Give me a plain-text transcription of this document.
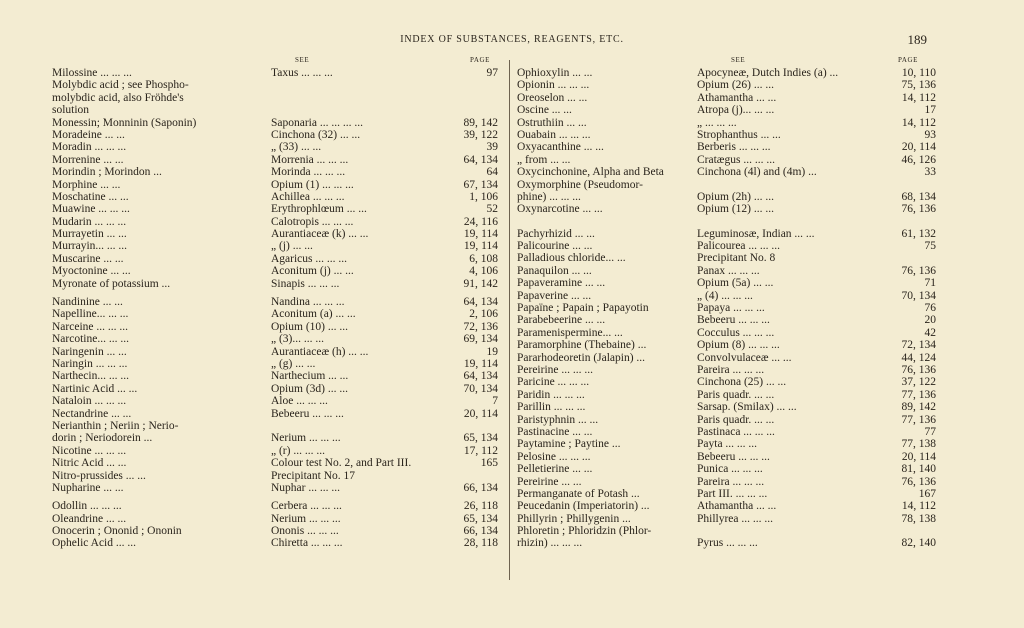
INDEX OF SUBSTANCES, REAGENTS, ETC.	189
SEE	PAGE
Milossine ... ... ...	Taxus ... ... ...	97
Molybdic acid ; see Phospho-
molybdic acid, also Fröhde's
solution
Monessin; Monninin (Saponin)	Saponaria ... ... ... ...	89, 142
Moradeine ... ...	Cinchona (32) ... ...	39, 122
Moradin ... ... ...	„ (33) ... ...	39
Morrenine ... ...	Morrenia ... ... ...	64, 134
Morindin ; Morindon ...	Morinda ... ... ...	64
Morphine ... ...	Opium (1) ... ... ...	67, 134
Moschatine ... ...	Achillea ... ... ...	1, 106
Muawine ... ... ...	Erythrophlœum ... ...	52
Mudarin ... ... ...	Calotropis ... ... ...	24, 116
Murrayetin ... ...	Aurantiaceæ (k) ... ...	19, 114
Murrayin... ... ...	„ (j) ... ...	19, 114
Muscarine ... ...	Agaricus ... ... ...	6, 108
Myoctonine ... ...	Aconitum (j) ... ...	4, 106
Myronate of potassium ...	Sinapis ... ... ...	91, 142
Nandinine ... ...	Nandina ... ... ...	64, 134
Napelline... ... ...	Aconitum (a) ... ...	2, 106
Narceine ... ... ...	Opium (10) ... ...	72, 136
Narcotine... ... ...	„ (3)... ... ...	69, 134
Naringenin ... ...	Aurantiaceæ (h) ... ...	19
Naringin ... ... ...	„ (g) ... ...	19, 114
Narthecin... ... ...	Narthecium ... ...	64, 134
Nartinic Acid ... ...	Opium (3d) ... ...	70, 134
Nataloin ... ... ...	Aloe ... ... ...	7
Nectandrine ... ...	Bebeeru ... ... ...	20, 114
Nerianthin ; Neriin ; Nerio-
dorin ; Neriodorein ...	Nerium ... ... ...	65, 134
Nicotine ... ... ...	„ (r) ... ... ...	17, 112
Nitric Acid ... ...	Colour test No. 2, and Part III.	165
Nitro-prussides ... ...	Precipitant No. 17
Nupharine ... ...	Nuphar ... ... ...	66, 134
Odollin ... ... ...	Cerbera ... ... ...	26, 118
Oleandrine ... ...	Nerium ... ... ...	65, 134
Onocerin ; Ononid ; Ononin	Ononis ... ... ...	66, 134
Ophelic Acid ... ...	Chiretta ... ... ...	28, 118
SEE	PAGE
Ophioxylin ... ...	Apocyneæ, Dutch Indies (a) ...	10, 110
Opionin ... ... ...	Opium (26) ... ...	75, 136
Oreoselon ... ...	Athamantha ... ...	14, 112
Oscine ... ...	Atropa (j)... ... ...	17
Ostruthiin ... ...	„ ... ... ...	14, 112
Ouabain ... ... ...	Strophanthus ... ...	93
Oxyacanthine ... ...	Berberis ... ... ...	20, 114
„ from ... ...	Cratægus ... ... ...	46, 126
Oxycinchonine, Alpha and Beta	Cinchona (4l) and (4m) ...	33
Oxymorphine (Pseudomor-
phine) ... ... ...	Opium (2h) ... ...	68, 134
Oxynarcotine ... ...	Opium (12) ... ...	76, 136
Pachyrhizid ... ...	Leguminosæ, Indian ... ...	61, 132
Palicourine ... ...	Palicourea ... ... ...	75
Palladious chloride... ...	Precipitant No. 8
Panaquilon ... ...	Panax ... ... ...	76, 136
Papaveramine ... ...	Opium (5a) ... ...	71
Papaverine ... ...	„ (4) ... ... ...	70, 134
Papaïne ; Papain ; Papayotin	Papaya ... ... ...	76
Parabebeerine ... ...	Bebeeru ... ... ...	20
Paramenispermine... ...	Cocculus ... ... ...	42
Paramorphine (Thebaine) ...	Opium (8) ... ... ...	72, 134
Pararhodeoretin (Jalapin) ...	Convolvulaceæ ... ...	44, 124
Pereirine ... ... ...	Pareira ... ... ...	76, 136
Paricine ... ... ...	Cinchona (25) ... ...	37, 122
Paridin ... ... ...	Paris quadr. ... ...	77, 136
Parillin ... ... ...	Sarsap. (Smilax) ... ...	89, 142
Paristyphnin ... ...	Paris quadr. ... ...	77, 136
Pastinacine ... ...	Pastinaca ... ... ...	77
Paytamine ; Paytine ...	Payta ... ... ...	77, 138
Pelosine ... ... ...	Bebeeru ... ... ...	20, 114
Pelletierine ... ...	Punica ... ... ...	81, 140
Pereirine ... ...	Pareira ... ... ...	76, 136
Permanganate of Potash ...	Part III. ... ... ...	167
Peucedanin (Imperiatorin) ...	Athamantha ... ...	14, 112
Phillyrin ; Phillygenin ...	Phillyrea ... ... ...	78, 138
Phloretin ; Phloridzin (Phlor-
rhizin) ... ... ...	Pyrus ... ... ...	82, 140
